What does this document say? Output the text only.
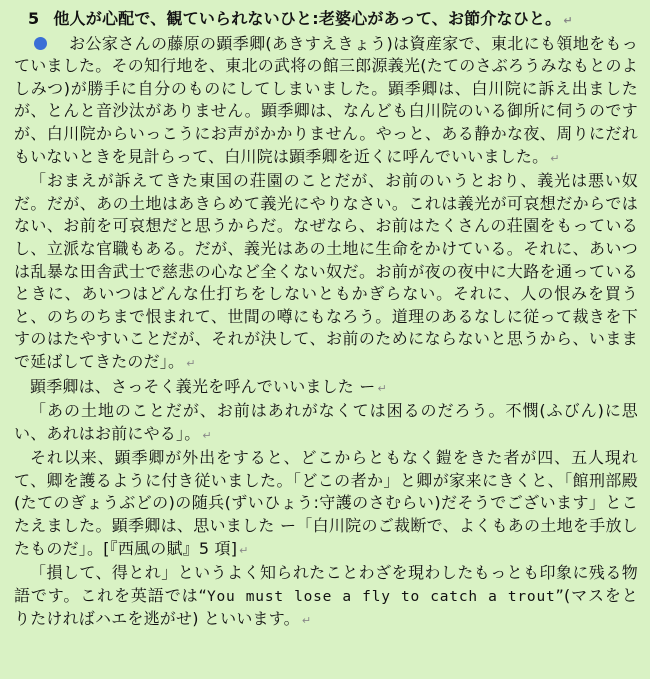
5 他人が心配で、観ていられないひと:老婆心があって、お節介なひと。 ↵

お公家さんの藤原の顕季卿(あきすえきょう)は資産家で、東北にも領地をもっていました。その知行地を、東北の武将の館三郎源義光(たてのさぶろうみなもとのよしみつ)が勝手に自分のものにしてしまいました。顕季卿は、白川院に訴え出ましたが、とんと音沙汰がありません。顕季卿は、なんども白川院のいる御所に伺うのですが、白川院からいっこうにお声がかかりません。やっと、ある静かな夜、周りにだれもいないときを見計らって、白川院は顕季卿を近くに呼んでいいました。 ↵

「おまえが訴えてきた東国の荘園のことだが、お前のいうとおり、義光は悪い奴だ。だが、あの土地はあきらめて義光にやりなさい。これは義光が可哀想だからではない、お前を可哀想だと思うからだ。なぜなら、お前はたくさんの荘園をもっているし、立派な官職もある。だが、義光はあの土地に生命をかけている。それに、あいつは乱暴な田舎武士で慈悲の心など全くない奴だ。お前が夜の夜中に大路を通っているときに、あいつはどんな仕打ちをしないともかぎらない。それに、人の恨みを買うと、のちのちまで恨まれて、世間の噂にもなろう。道理のあるなしに従って裁きを下すのはたやすいことだが、それが決して、お前のためにならないと思うから、いままで延ばしてきたのだ」。 ↵

顕季卿は、さっそく義光を呼んでいいました ー ↵

「あの土地のことだが、お前はあれがなくては困るのだろう。不憫(ふびん)に思い、あれはお前にやる」。 ↵

それ以来、顕季卿が外出をすると、どこからともなく鎧をきた者が四、五人現れて、卿を護るように付き従いました。「どこの者か」と卿が家来にきくと、「館刑部殿(たてのぎょうぶどの)の随兵(ずいひょう:守護のさむらい)だそうでございます」とこたえました。顕季卿は、思いました ー「白川院のご裁断で、よくもあの土地を手放したものだ」。[『西風の賦』5 項] ↵

「損して、得とれ」というよく知られたことわざを現わしたもっとも印象に残る物語です。これを英語では“You must lose a fly to catch a trout”(マスをとりたければハエを逃がせ) といいます。 ↵
